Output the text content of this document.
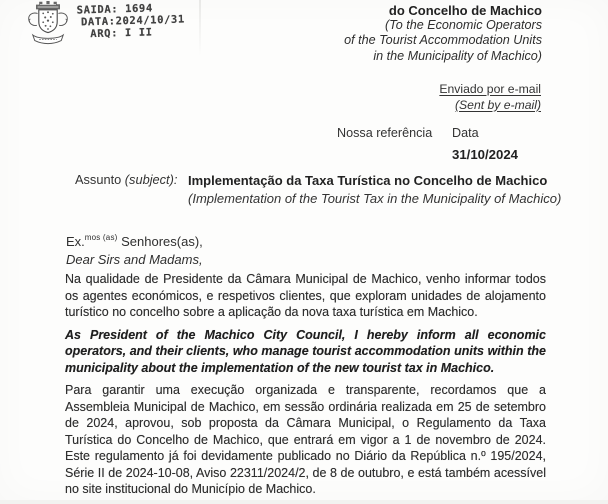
SAIDA: 1694
DATA:2024/10/31
ARQ: I II
do Concelho de Machico
(To the Economic Operators
of the Tourist Accommodation Units
in the Municipality of Machico)
Enviado por e-mail
(Sent by e-mail)
Nossa referência Data
31/10/2024
Assunto (subject): Implementação da Taxa Turística no Concelho de Machico
(Implementation of the Tourist Tax in the Municipality of Machico)
Ex.$^{mos (as)}$ Senhores(as),
Dear Sirs and Madams,

Na qualidade de Presidente da Câmara Municipal de Machico, venho informar todos os agentes económicos, e respetivos clientes, que exploram unidades de alojamento turístico no concelho sobre a aplicação da nova taxa turística em Machico.

As President of the Machico City Council, I hereby inform all economic operators, and their clients, who manage tourist accommodation units within the municipality about the implementation of the new tourist tax in Machico.

Para garantir uma execução organizada e transparente, recordamos que a Assembleia Municipal de Machico, em sessão ordinária realizada em 25 de setembro de 2024, aprovou, sob proposta da Câmara Municipal, o Regulamento da Taxa Turística do Concelho de Machico, que entrará em vigor a 1 de novembro de 2024. Este regulamento já foi devidamente publicado no Diário da República n.º 195/2024, Série II de 2024-10-08, Aviso 22311/2024/2, de 8 de outubro, e está também acessível no site institucional do Município de Machico.
